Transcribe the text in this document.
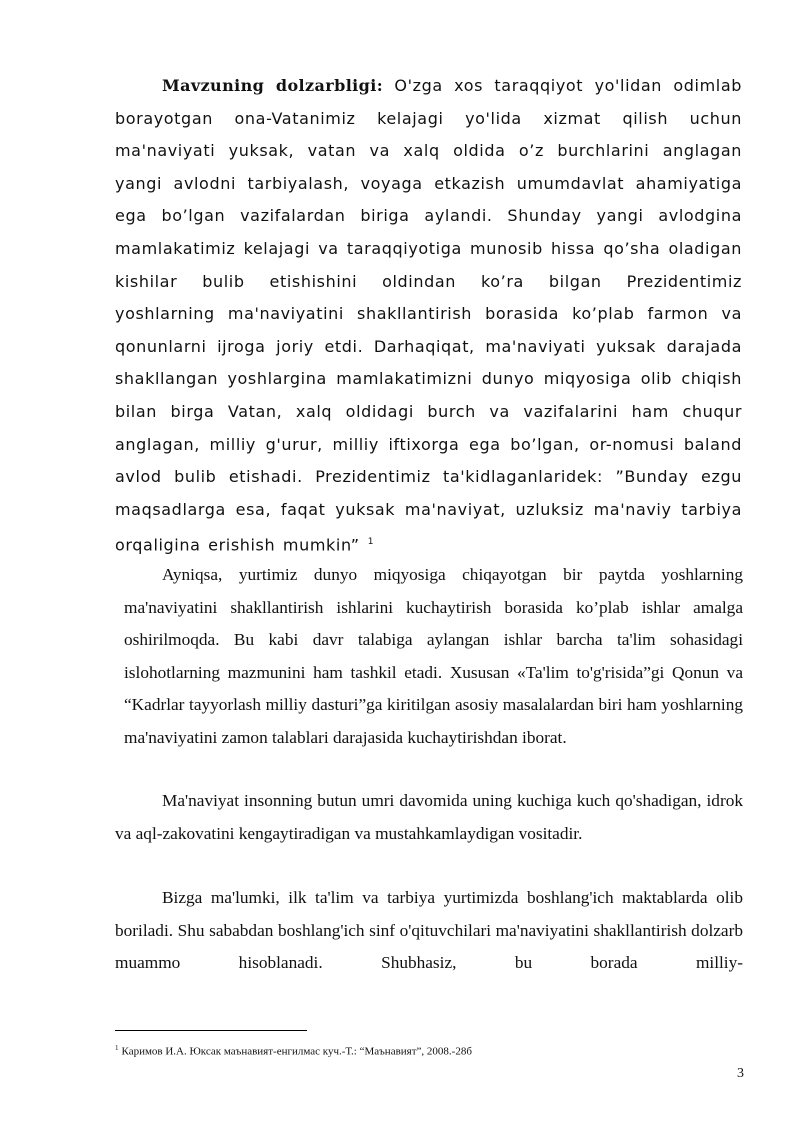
Mavzuning dolzarbligi: O'zga xos taraqqiyot yo'lidan odimlab borayotgan ona-Vatanimiz kelajagi yo'lida xizmat qilish uchun ma'naviyati yuksak, vatan va xalq oldida o’z burchlarini anglagan yangi avlodni tarbiyalash, voyaga etkazish umumdavlat ahamiyatiga ega bo’lgan vazifalardan biriga aylandi. Shunday yangi avlodgina mamlakatimiz kelajagi va taraqqiyotiga munosib hissa qo’sha oladigan kishilar bulib etishishini oldindan ko’ra bilgan Prezidentimiz yoshlarning ma'naviyatini shakllantirish borasida ko’plab farmon va qonunlarni ijroga joriy etdi. Darhaqiqat, ma'naviyati yuksak darajada shakllangan yoshlargina mamlakatimizni dunyo miqyosiga olib chiqish bilan birga Vatan, xalq oldidagi burch va vazifalarini ham chuqur anglagan, milliy g'urur, milliy iftixorga ega bo’lgan, or-nomusi baland avlod bulib etishadi. Prezidentimiz ta'kidlaganlaridek: ”Bunday ezgu maqsadlarga esa, faqat yuksak ma'naviyat, uzluksiz ma'naviy tarbiya orqaligina erishish mumkin” $^1$

Ayniqsa, yurtimiz dunyo miqyosiga chiqayotgan bir paytda yoshlarning ma'naviyatini shakllantirish ishlarini kuchaytirish borasida ko’plab ishlar amalga oshirilmoqda. Bu kabi davr talabiga aylangan ishlar barcha ta'lim sohasidagi islohotlarning mazmunini ham tashkil etadi. Xususan «Ta'lim to'g'risida”gi Qonun va “Kadrlar tayyorlash milliy dasturi”ga kiritilgan asosiy masalalardan biri ham yoshlarning ma'naviyatini zamon talablari darajasida kuchaytirishdan iborat.

Ma'naviyat insonning butun umri davomida uning kuchiga kuch qo'shadigan, idrok va aql-zakovatini kengaytiradigan va mustahkamlaydigan vositadir.

Bizga ma'lumki, ilk ta'lim va tarbiya yurtimizda boshlang'ich maktablarda olib boriladi. Shu sababdan boshlang'ich sinf o'qituvchilari ma'naviyatini shakllantirish dolzarb muammo hisoblanadi. Shubhasiz, bu borada milliy-

$^1$ Каримов И.А. Юксак маънавият-енгилмас куч.-Т.: “Маънавият”, 2008.-28б

3
